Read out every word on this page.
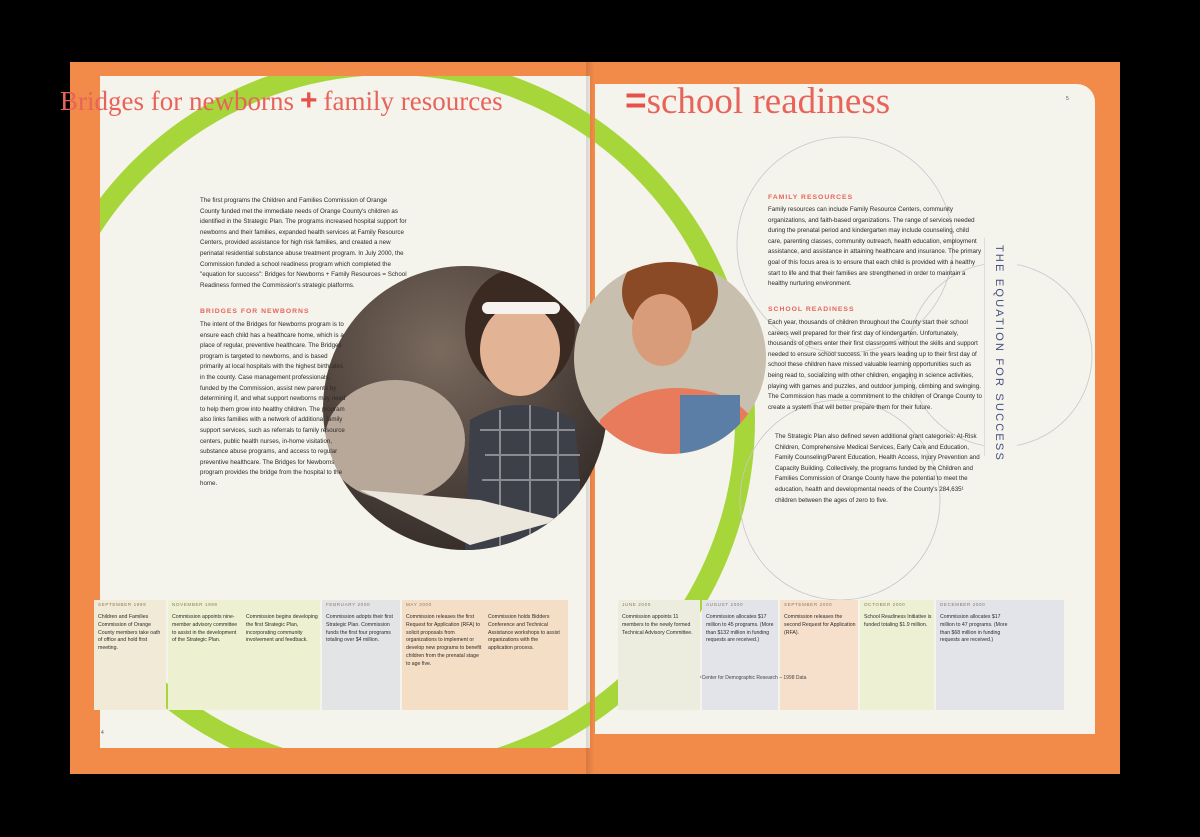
Bridges for newborns + family resources	=school readiness
The first programs the Children and Families Commission of Orange County funded met the immediate needs of Orange County's children as identified in the Strategic Plan. The programs increased hospital support for newborns and their families, expanded health services at Family Resource Centers, provided assistance for high risk families, and created a new perinatal residential substance abuse treatment program. In July 2000, the Commission funded a school readiness program which completed the "equation for success": Bridges for Newborns + Family Resources = School Readiness formed the Commission's strategic platforms.
BRIDGES FOR NEWBORNS
The intent of the Bridges for Newborns program is to ensure each child has a healthcare home, which is a place of regular, preventive healthcare. The Bridges program is targeted to newborns, and is based primarily at local hospitals with the highest birthrates in the county. Case management professionals, funded by the Commission, assist new parents by determining if, and what support newborns may need to help them grow into healthy children. The program also links families with a network of additional family support services, such as referrals to family resource centers, public health nurses, in-home visitation, substance abuse programs, and access to regular preventive healthcare. The Bridges for Newborns program provides the bridge from the hospital to the home.
FAMILY RESOURCES
Family resources can include Family Resource Centers, community organizations, and faith-based organizations. The range of services needed during the prenatal period and kindergarten may include counseling, child care, parenting classes, community outreach, health education, employment assistance, and assistance in attaining healthcare and insurance. The primary goal of this focus area is to ensure that each child is provided with a healthy start to life and that their families are strengthened in order to maintain a healthy nurturing environment.
SCHOOL READINESS
Each year, thousands of children throughout the County start their school careers well prepared for their first day of kindergarten. Unfortunately, thousands of others enter their first classrooms without the skills and support needed to ensure school success. In the years leading up to their first day of school these children have missed valuable learning opportunities such as being read to, socializing with other children, engaging in science activities, playing with games and puzzles, and outdoor jumping, climbing and swinging. The Commission has made a commitment to the children of Orange County to create a system that will better prepare them for their future.
The Strategic Plan also defined seven additional grant categories: At-Risk Children, Comprehensive Medical Services, Early Care and Education, Family Counseling/Parent Education, Health Access, Injury Prevention and Capacity Building. Collectively, the programs funded by the Children and Families Commission of Orange County have the potential to meet the education, health and developmental needs of the County's 284,635¹ children between the ages of zero to five.
THE EQUATION FOR SUCCESS
4
5
¹Center for Demographic Research – 1998 Data
SEPTEMBER 1999
Children and Families Commission of Orange County members take oath of office and hold first meeting.
NOVEMBER 1999
Commission appoints nine-member advisory committee to assist in the development of the Strategic Plan.
Commission begins developing the first Strategic Plan, incorporating community involvement and feedback.
FEBRUARY 2000
Commission adopts their first Strategic Plan. Commission funds the first four programs totaling over $4 million.
MAY 2000
Commission releases the first Request for Application (RFA) to solicit proposals from organizations to implement or develop new programs to benefit children from the prenatal stage to age five.
Commission holds Bidders Conference and Technical Assistance workshops to assist organizations with the application process.
JUNE 2000
Commission appoints 11 members to the newly formed Technical Advisory Committee.
AUGUST 2000
Commission allocates $17 million to 45 programs. (More than $132 million in funding requests are received.)
SEPTEMBER 2000
Commission releases the second Request for Application (RFA).
OCTOBER 2000
School Readiness Initiative is funded totaling $1.9 million.
DECEMBER 2000
Commission allocates $17 million to 47 programs. (More than $68 million in funding requests are received.)
